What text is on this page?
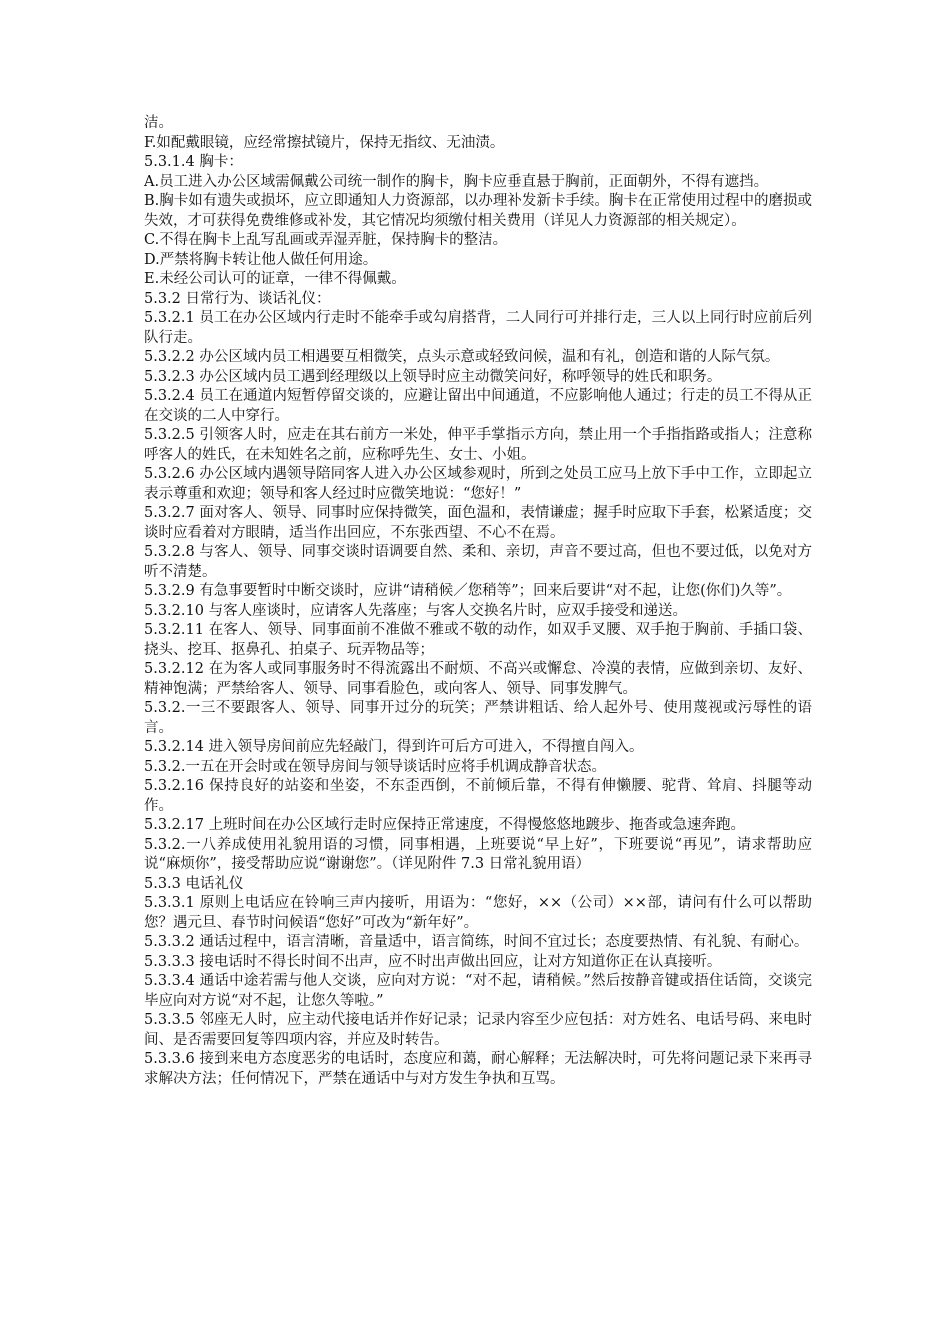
洁。

F.如配戴眼镜，应经常擦拭镜片，保持无指纹、无油渍。

5.3.1.4 胸卡：

A.员工进入办公区域需佩戴公司统一制作的胸卡，胸卡应垂直悬于胸前，正面朝外，不得有遮挡。

B.胸卡如有遗失或损坏，应立即通知人力资源部，以办理补发新卡手续。胸卡在正常使用过程中的磨损或失效，才可获得免费维修或补发，其它情况均须缴付相关费用（详见人力资源部的相关规定）。

C.不得在胸卡上乱写乱画或弄湿弄脏，保持胸卡的整洁。

D.严禁将胸卡转让他人做任何用途。

E.未经公司认可的证章，一律不得佩戴。

5.3.2 日常行为、谈话礼仪：

5.3.2.1 员工在办公区域内行走时不能牵手或勾肩搭背，二人同行可并排行走，三人以上同行时应前后列队行走。

5.3.2.2 办公区域内员工相遇要互相微笑，点头示意或轻致问候，温和有礼，创造和谐的人际气氛。

5.3.2.3 办公区域内员工遇到经理级以上领导时应主动微笑问好，称呼领导的姓氏和职务。

5.3.2.4 员工在通道内短暂停留交谈的，应避让留出中间通道，不应影响他人通过；行走的员工不得从正在交谈的二人中穿行。

5.3.2.5 引领客人时，应走在其右前方一米处，伸平手掌指示方向，禁止用一个手指指路或指人；注意称呼客人的姓氏，在未知姓名之前，应称呼先生、女士、小姐。

5.3.2.6 办公区域内遇领导陪同客人进入办公区域参观时，所到之处员工应马上放下手中工作，立即起立表示尊重和欢迎；领导和客人经过时应微笑地说：“您好！”

5.3.2.7 面对客人、领导、同事时应保持微笑，面色温和，表情谦虚；握手时应取下手套，松紧适度；交谈时应看着对方眼睛，适当作出回应，不东张西望、不心不在焉。

5.3.2.8 与客人、领导、同事交谈时语调要自然、柔和、亲切，声音不要过高，但也不要过低，以免对方听不清楚。

5.3.2.9 有急事要暂时中断交谈时，应讲“请稍候／您稍等”；回来后要讲“对不起，让您(你们)久等”。

5.3.2.10 与客人座谈时，应请客人先落座；与客人交换名片时，应双手接受和递送。

5.3.2.11 在客人、领导、同事面前不准做不雅或不敬的动作，如双手叉腰、双手抱于胸前、手插口袋、挠头、挖耳、抠鼻孔、拍桌子、玩弄物品等；

5.3.2.12 在为客人或同事服务时不得流露出不耐烦、不高兴或懈怠、冷漠的表情，应做到亲切、友好、精神饱满；严禁给客人、领导、同事看脸色，或向客人、领导、同事发脾气。

5.3.2.一三不要跟客人、领导、同事开过分的玩笑；严禁讲粗话、给人起外号、使用蔑视或污辱性的语言。

5.3.2.14 进入领导房间前应先轻敲门，得到许可后方可进入，不得擅自闯入。

5.3.2.一五在开会时或在领导房间与领导谈话时应将手机调成静音状态。

5.3.2.16 保持良好的站姿和坐姿，不东歪西倒，不前倾后靠，不得有伸懒腰、驼背、耸肩、抖腿等动作。

5.3.2.17 上班时间在办公区域行走时应保持正常速度，不得慢悠悠地踱步、拖沓或急速奔跑。

5.3.2.一八养成使用礼貌用语的习惯，同事相遇，上班要说“早上好”，下班要说“再见”，请求帮助应说“麻烦你”，接受帮助应说“谢谢您”。（详见附件 7.3 日常礼貌用语）

5.3.3 电话礼仪

5.3.3.1 原则上电话应在铃响三声内接听，用语为：“您好，××（公司）××部，请问有什么可以帮助您？遇元旦、春节时问候语“您好”可改为“新年好”。

5.3.3.2 通话过程中，语言清晰，音量适中，语言简练，时间不宜过长；态度要热情、有礼貌、有耐心。

5.3.3.3 接电话时不得长时间不出声，应不时出声做出回应，让对方知道你正在认真接听。

5.3.3.4 通话中途若需与他人交谈，应向对方说：“对不起，请稍候。”然后按静音键或捂住话筒，交谈完毕应向对方说“对不起，让您久等啦。”

5.3.3.5 邻座无人时，应主动代接电话并作好记录；记录内容至少应包括：对方姓名、电话号码、来电时间、是否需要回复等四项内容，并应及时转告。

5.3.3.6 接到来电方态度恶劣的电话时，态度应和蔼，耐心解释；无法解决时，可先将问题记录下来再寻求解决方法；任何情况下，严禁在通话中与对方发生争执和互骂。
